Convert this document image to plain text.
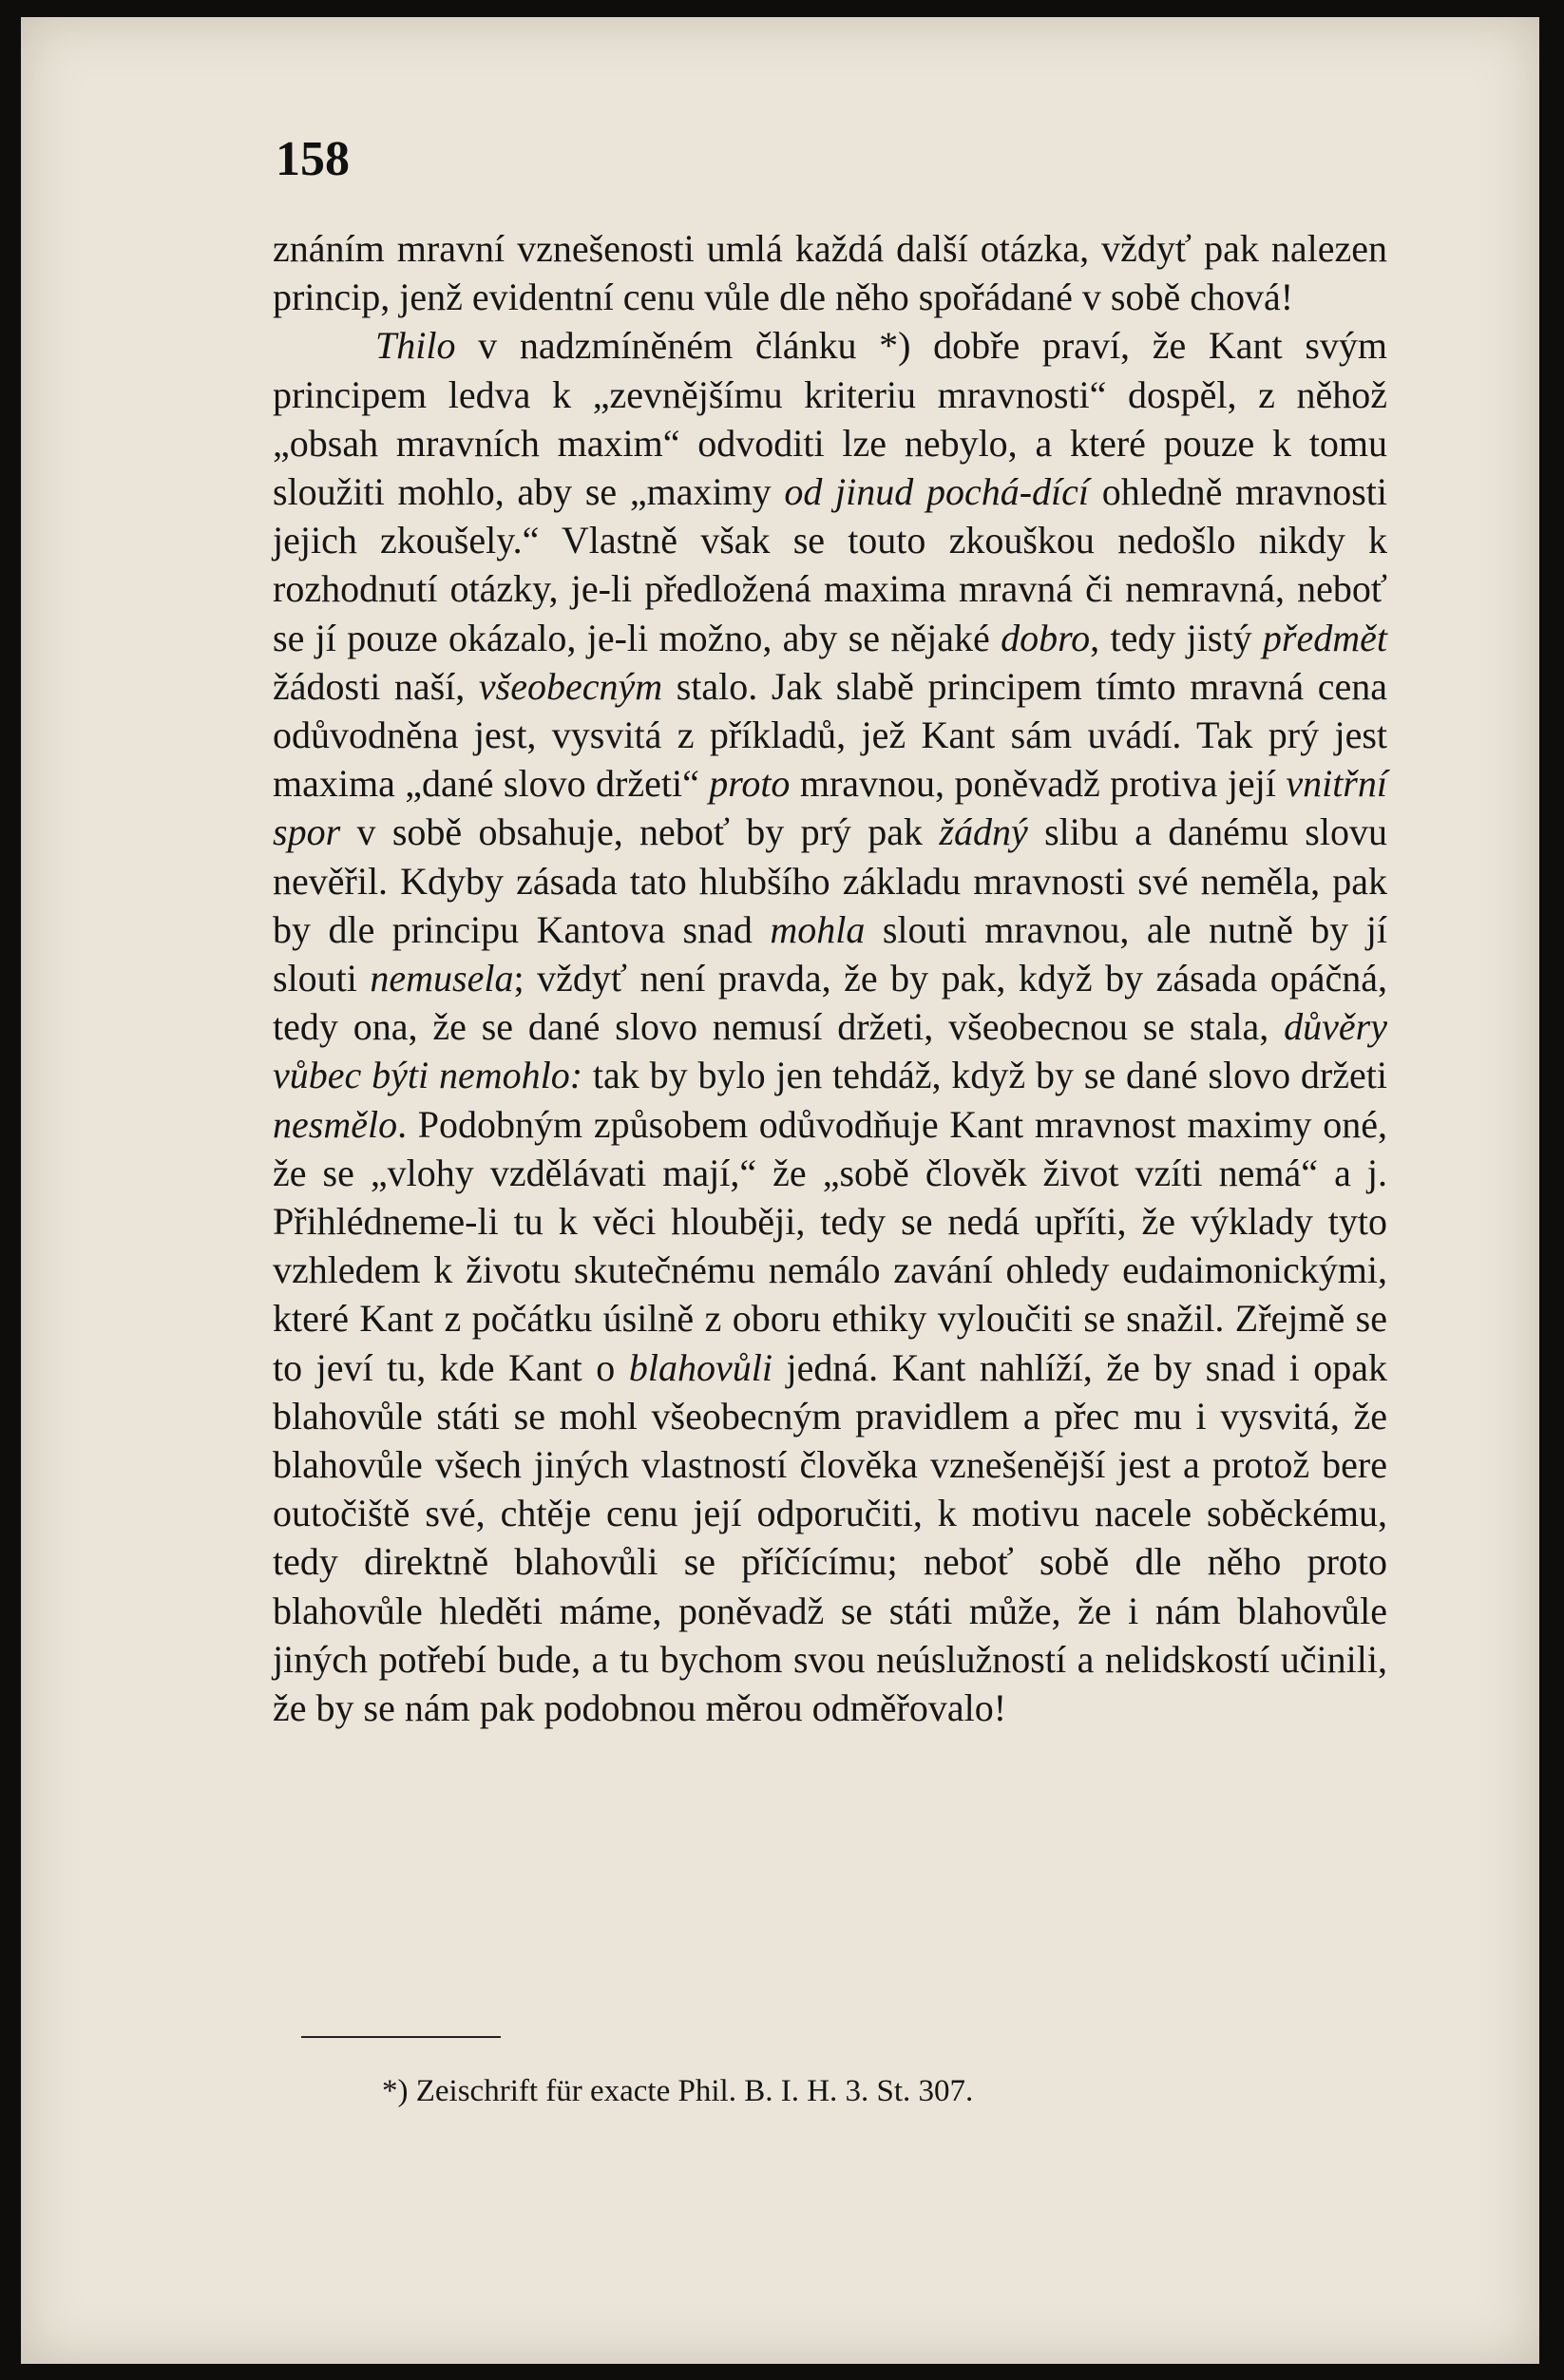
158

znáním mravní vznešenosti umlá každá další otázka, vždyť pak nalezen princip, jenž evidentní cenu vůle dle něho spořádané v sobě chová!

Thilo v nadzmíněném článku *) dobře praví, že Kant svým principem ledva k „zevnějšímu kriteriu mravnosti“ dospěl, z něhož „obsah mravních maxim“ odvoditi lze nebylo, a které pouze k tomu sloužiti mohlo, aby se „maximy od jinud pochá-dící ohledně mravnosti jejich zkoušely.“ Vlastně však se touto zkouškou nedošlo nikdy k rozhodnutí otázky, je-li předložená maxima mravná či nemravná, neboť se jí pouze okázalo, je-li možno, aby se nějaké dobro, tedy jistý předmět žádosti naší, všeobecným stalo. Jak slabě principem tímto mravná cena odůvodněna jest, vysvitá z příkladů, jež Kant sám uvádí. Tak prý jest maxima „dané slovo držeti“ proto mravnou, poněvadž protiva její vnitřní spor v sobě obsahuje, neboť by prý pak žádný slibu a danému slovu nevěřil. Kdyby zásada tato hlubšího základu mravnosti své neměla, pak by dle principu Kantova snad mohla slouti mravnou, ale nutně by jí slouti nemusela; vždyť není pravda, že by pak, když by zásada opáčná, tedy ona, že se dané slovo nemusí držeti, všeobecnou se stala, důvěry vůbec býti nemohlo: tak by bylo jen tehdáž, když by se dané slovo držeti nesmělo. Podobným způsobem odůvodňuje Kant mravnost maximy oné, že se „vlohy vzdělávati mají,“ že „sobě člověk život vzíti nemá“ a j. Přihlédneme-li tu k věci hlouběji, tedy se nedá upříti, že výklady tyto vzhledem k životu skutečnému nemálo zavání ohledy eudaimonickými, které Kant z počátku úsilně z oboru ethiky vyloučiti se snažil. Zřejmě se to jeví tu, kde Kant o blahovůli jedná. Kant nahlíží, že by snad i opak blahovůle státi se mohl všeobecným pravidlem a přec mu i vysvitá, že blahovůle všech jiných vlastností člověka vznešenější jest a protož bere outočiště své, chtěje cenu její odporučiti, k motivu nacele soběckému, tedy direktně blahovůli se příčícímu; neboť sobě dle něho proto blahovůle hleděti máme, poněvadž se státi může, že i nám blahovůle jiných potřebí bude, a tu bychom svou neúslužností a nelidskostí učinili, že by se nám pak podobnou měrou odměřovalo!

*) Zeischrift für exacte Phil. B. I. H. 3. St. 307.
